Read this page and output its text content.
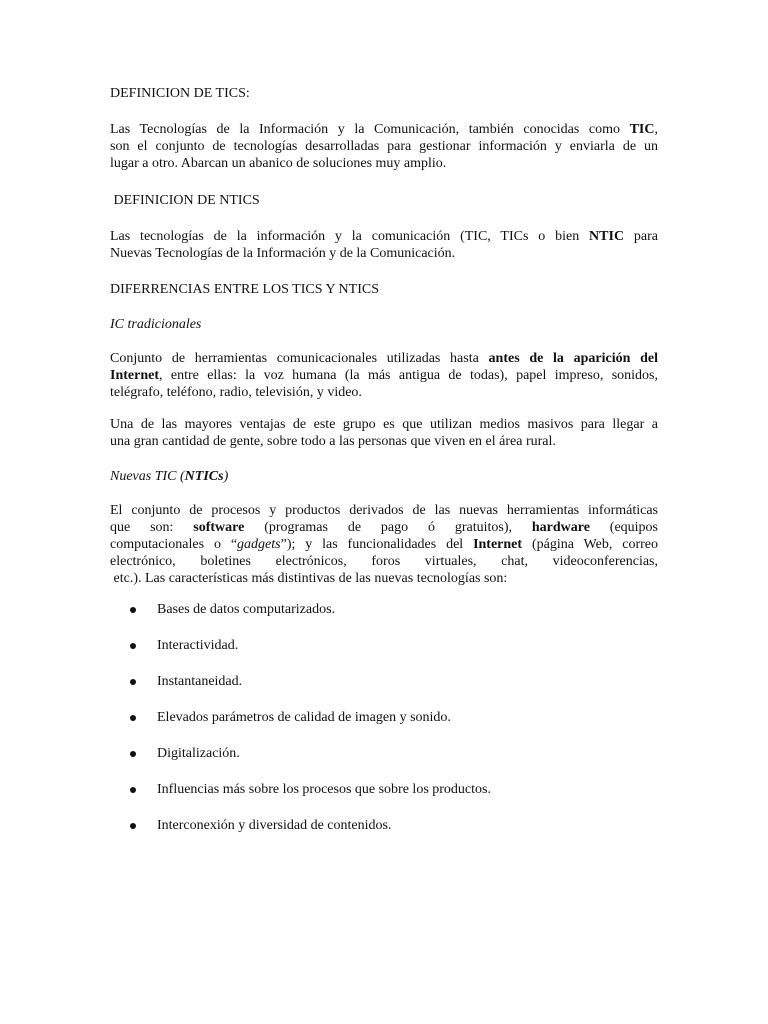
DEFINICION DE TICS:

Las Tecnologías de la Información y la Comunicación, también conocidas como TIC,
son el conjunto de tecnologías desarrolladas para gestionar información y enviarla de un
lugar a otro. Abarcan un abanico de soluciones muy amplio.

DEFINICION DE NTICS

Las tecnologías de la información y la comunicación (TIC, TICs o bien NTIC para
Nuevas Tecnologías de la Información y de la Comunicación.

DIFERRENCIAS ENTRE LOS TICS Y NTICS

IC tradicionales

Conjunto de herramientas comunicacionales utilizadas hasta antes de la aparición del
Internet, entre ellas: la voz humana (la más antigua de todas), papel impreso, sonidos,
telégrafo, teléfono, radio, televisión, y video.

Una de las mayores ventajas de este grupo es que utilizan medios masivos para llegar a
una gran cantidad de gente, sobre todo a las personas que viven en el área rural.

Nuevas TIC (NTICs)

El conjunto de procesos y productos derivados de las nuevas herramientas informáticas
que son: software (programas de pago ó gratuitos), hardware (equipos
computacionales o “gadgets”); y las funcionalidades del Internet (página Web, correo
electrónico, boletines electrónicos, foros virtuales, chat, videoconferencias,
etc.). Las características más distintivas de las nuevas tecnologías son:

Bases de datos computarizados.
Interactividad.
Instantaneidad.
Elevados parámetros de calidad de imagen y sonido.
Digitalización.
Influencias más sobre los procesos que sobre los productos.
Interconexión y diversidad de contenidos.
